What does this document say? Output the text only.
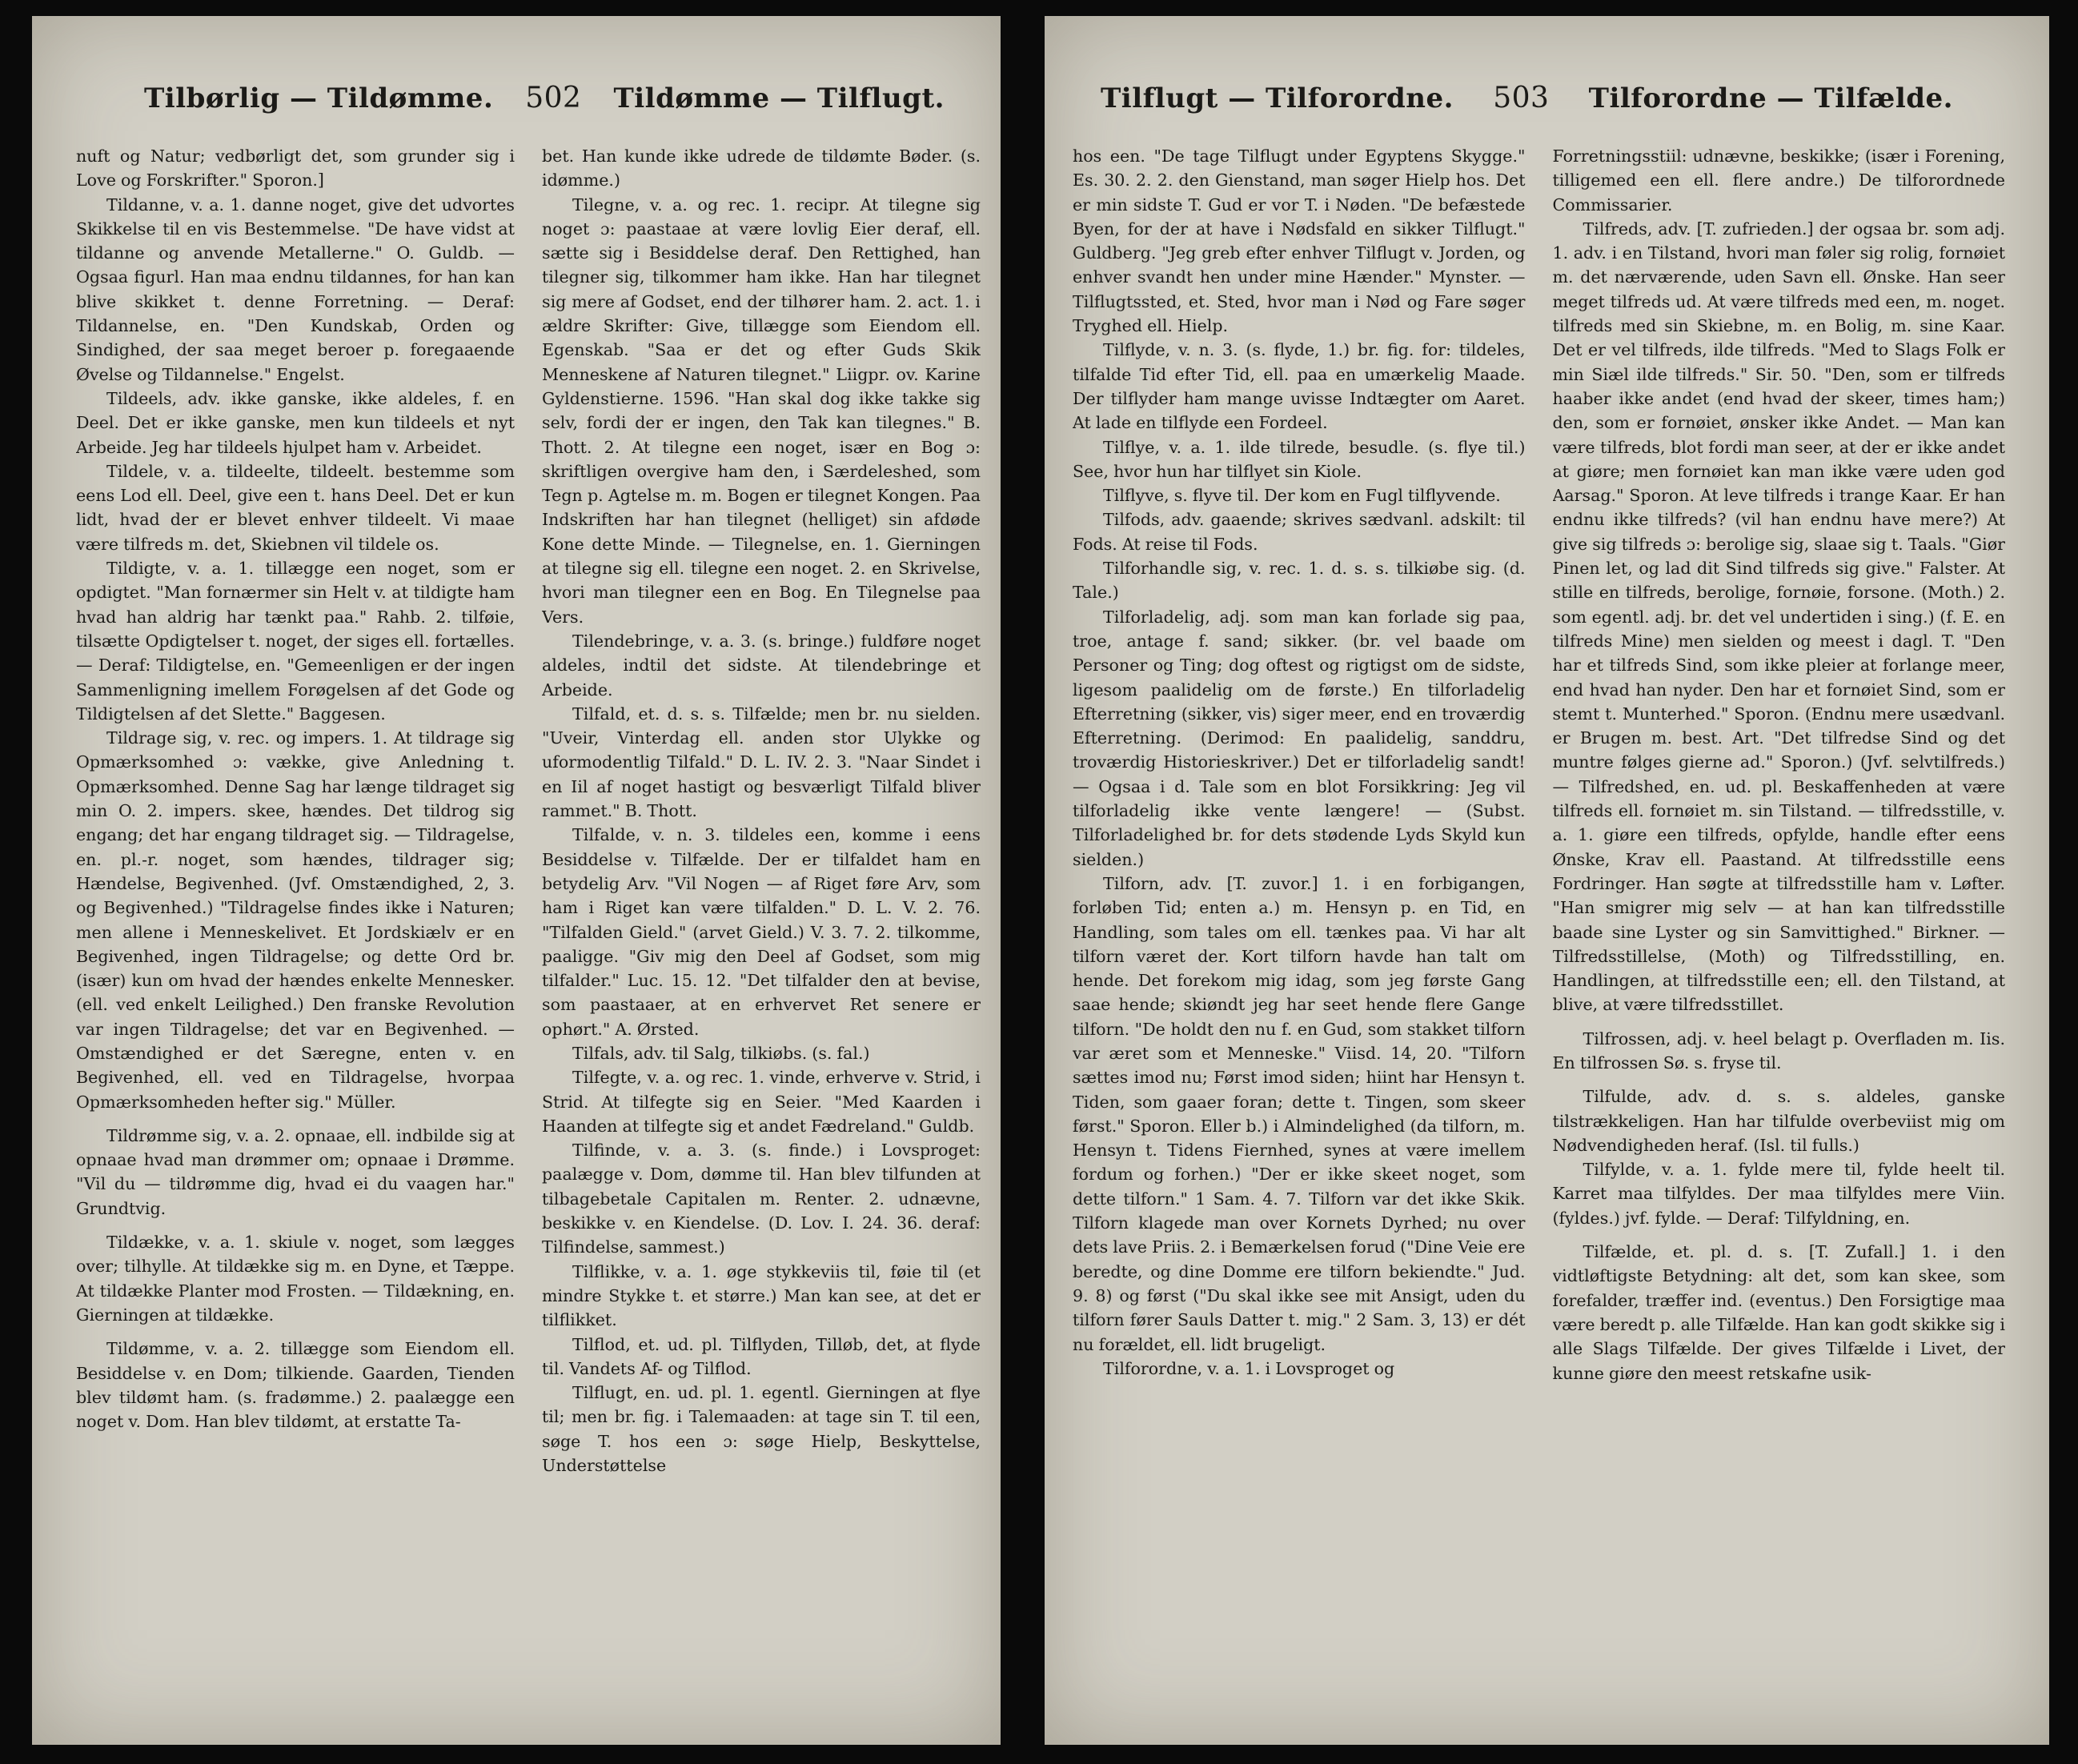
Tilbørlig — Tildømme. 502 Tildømme — Tilflugt.

nuft og Natur; vedbørligt det, som grunder sig i Love og Forskrifter." Sporon.]

Tildanne, v. a. 1. danne noget, give det udvortes Skikkelse til en vis Bestemmelse. "De have vidst at tildanne og anvende Metallerne." O. Guldb. — Ogsaa figurl. Han maa endnu tildannes, for han kan blive skikket t. denne Forretning. — Deraf: Tildannelse, en. "Den Kundskab, Orden og Sindighed, der saa meget beroer p. foregaaende Øvelse og Tildannelse." Engelst.

Tildeels, adv. ikke ganske, ikke aldeles, f. en Deel. Det er ikke ganske, men kun tildeels et nyt Arbeide. Jeg har tildeels hjulpet ham v. Arbeidet.

Tildele, v. a. tildeelte, tildeelt. bestemme som eens Lod ell. Deel, give een t. hans Deel. Det er kun lidt, hvad der er blevet enhver tildeelt. Vi maae være tilfreds m. det, Skiebnen vil tildele os.

Tildigte, v. a. 1. tillægge een noget, som er opdigtet. "Man fornærmer sin Helt v. at tildigte ham hvad han aldrig har tænkt paa." Rahb. 2. tilføie, tilsætte Opdigtelser t. noget, der siges ell. fortælles. — Deraf: Tildigtelse, en. "Gemeenligen er der ingen Sammenligning imellem Forøgelsen af det Gode og Tildigtelsen af det Slette." Baggesen.

Tildrage sig, v. rec. og impers. 1. At tildrage sig Opmærksomhed ɔ: vække, give Anledning t. Opmærksomhed. Denne Sag har længe tildraget sig min O. 2. impers. skee, hændes. Det tildrog sig engang; det har engang tildraget sig. — Tildragelse, en. pl.-r. noget, som hændes, tildrager sig; Hændelse, Begivenhed. (Jvf. Omstændighed, 2, 3. og Begivenhed.) "Tildragelse findes ikke i Naturen; men allene i Menneskelivet. Et Jordskiælv er en Begivenhed, ingen Tildragelse; og dette Ord br. (især) kun om hvad der hændes enkelte Mennesker. (ell. ved enkelt Leilighed.) Den franske Revolution var ingen Tildragelse; det var en Begivenhed. — Omstændighed er det Særegne, enten v. en Begivenhed, ell. ved en Tildragelse, hvorpaa Opmærksomheden hefter sig." Müller.

Tildrømme sig, v. a. 2. opnaae, ell. indbilde sig at opnaae hvad man drømmer om; opnaae i Drømme. "Vil du — tildrømme dig, hvad ei du vaagen har." Grundtvig.

Tildække, v. a. 1. skiule v. noget, som lægges over; tilhylle. At tildække sig m. en Dyne, et Tæppe. At tildække Planter mod Frosten. — Tildækning, en. Gierningen at tildække.

Tildømme, v. a. 2. tillægge som Eiendom ell. Besiddelse v. en Dom; tilkiende. Gaarden, Tienden blev tildømt ham. (s. fradømme.) 2. paalægge een noget v. Dom. Han blev tildømt, at erstatte Ta-

bet. Han kunde ikke udrede de tildømte Bøder. (s. idømme.)

Tilegne, v. a. og rec. 1. recipr. At tilegne sig noget ɔ: paastaae at være lovlig Eier deraf, ell. sætte sig i Besiddelse deraf. Den Rettighed, han tilegner sig, tilkommer ham ikke. Han har tilegnet sig mere af Godset, end der tilhører ham. 2. act. 1. i ældre Skrifter: Give, tillægge som Eiendom ell. Egenskab. "Saa er det og efter Guds Skik Menneskene af Naturen tilegnet." Liigpr. ov. Karine Gyldenstierne. 1596. "Han skal dog ikke takke sig selv, fordi der er ingen, den Tak kan tilegnes." B. Thott. 2. At tilegne een noget, især en Bog ɔ: skriftligen overgive ham den, i Særdeleshed, som Tegn p. Agtelse m. m. Bogen er tilegnet Kongen. Paa Indskriften har han tilegnet (helliget) sin afdøde Kone dette Minde. — Tilegnelse, en. 1. Gierningen at tilegne sig ell. tilegne een noget. 2. en Skrivelse, hvori man tilegner een en Bog. En Tilegnelse paa Vers.

Tilendebringe, v. a. 3. (s. bringe.) fuldføre noget aldeles, indtil det sidste. At tilendebringe et Arbeide.

Tilfald, et. d. s. s. Tilfælde; men br. nu sielden. "Uveir, Vinterdag ell. anden stor Ulykke og uformodentlig Tilfald." D. L. IV. 2. 3. "Naar Sindet i en Iil af noget hastigt og besværligt Tilfald bliver rammet." B. Thott.

Tilfalde, v. n. 3. tildeles een, komme i eens Besiddelse v. Tilfælde. Der er tilfaldet ham en betydelig Arv. "Vil Nogen — af Riget føre Arv, som ham i Riget kan være tilfalden." D. L. V. 2. 76. "Tilfalden Gield." (arvet Gield.) V. 3. 7. 2. tilkomme, paaligge. "Giv mig den Deel af Godset, som mig tilfalder." Luc. 15. 12. "Det tilfalder den at bevise, som paastaaer, at en erhvervet Ret senere er ophørt." A. Ørsted.

Tilfals, adv. til Salg, tilkiøbs. (s. fal.)

Tilfegte, v. a. og rec. 1. vinde, erhverve v. Strid, i Strid. At tilfegte sig en Seier. "Med Kaarden i Haanden at tilfegte sig et andet Fædreland." Guldb.

Tilfinde, v. a. 3. (s. finde.) i Lovsproget: paalægge v. Dom, dømme til. Han blev tilfunden at tilbagebetale Capitalen m. Renter. 2. udnævne, beskikke v. en Kiendelse. (D. Lov. I. 24. 36. deraf: Tilfindelse, sammest.)

Tilflikke, v. a. 1. øge stykkeviis til, føie til (et mindre Stykke t. et større.) Man kan see, at det er tilflikket.

Tilflod, et. ud. pl. Tilflyden, Tilløb, det, at flyde til. Vandets Af- og Tilflod.

Tilflugt, en. ud. pl. 1. egentl. Gierningen at flye til; men br. fig. i Talemaaden: at tage sin T. til een, søge T. hos een ɔ: søge Hielp, Beskyttelse, Understøttelse

Tilflugt — Tilforordne. 503 Tilforordne — Tilfælde.

hos een. "De tage Tilflugt under Egyptens Skygge." Es. 30. 2. 2. den Gienstand, man søger Hielp hos. Det er min sidste T. Gud er vor T. i Nøden. "De befæstede Byen, for der at have i Nødsfald en sikker Tilflugt." Guldberg. "Jeg greb efter enhver Tilflugt v. Jorden, og enhver svandt hen under mine Hænder." Mynster. — Tilflugtssted, et. Sted, hvor man i Nød og Fare søger Tryghed ell. Hielp.

Tilflyde, v. n. 3. (s. flyde, 1.) br. fig. for: tildeles, tilfalde Tid efter Tid, ell. paa en umærkelig Maade. Der tilflyder ham mange uvisse Indtægter om Aaret. At lade en tilflyde een Fordeel.

Tilflye, v. a. 1. ilde tilrede, besudle. (s. flye til.) See, hvor hun har tilflyet sin Kiole.

Tilflyve, s. flyve til. Der kom en Fugl tilflyvende.

Tilfods, adv. gaaende; skrives sædvanl. adskilt: til Fods. At reise til Fods.

Tilforhandle sig, v. rec. 1. d. s. s. tilkiøbe sig. (d. Tale.)

Tilforladelig, adj. som man kan forlade sig paa, troe, antage f. sand; sikker. (br. vel baade om Personer og Ting; dog oftest og rigtigst om de sidste, ligesom paalidelig om de første.) En tilforladelig Efterretning (sikker, vis) siger meer, end en troværdig Efterretning. (Derimod: En paalidelig, sanddru, troværdig Historieskriver.) Det er tilforladelig sandt! — Ogsaa i d. Tale som en blot Forsikkring: Jeg vil tilforladelig ikke vente længere! — (Subst. Tilforladelighed br. for dets stødende Lyds Skyld kun sielden.)

Tilforn, adv. [T. zuvor.] 1. i en forbigangen, forløben Tid; enten a.) m. Hensyn p. en Tid, en Handling, som tales om ell. tænkes paa. Vi har alt tilforn været der. Kort tilforn havde han talt om hende. Det forekom mig idag, som jeg første Gang saae hende; skiøndt jeg har seet hende flere Gange tilforn. "De holdt den nu f. en Gud, som stakket tilforn var æret som et Menneske." Viisd. 14, 20. "Tilforn sættes imod nu; Først imod siden; hiint har Hensyn t. Tiden, som gaaer foran; dette t. Tingen, som skeer først." Sporon. Eller b.) i Almindelighed (da tilforn, m. Hensyn t. Tidens Fiernhed, synes at være imellem fordum og forhen.) "Der er ikke skeet noget, som dette tilforn." 1 Sam. 4. 7. Tilforn var det ikke Skik. Tilforn klagede man over Kornets Dyrhed; nu over dets lave Priis. 2. i Bemærkelsen forud ("Dine Veie ere beredte, og dine Domme ere tilforn bekiendte." Jud. 9. 8) og først ("Du skal ikke see mit Ansigt, uden du tilforn fører Sauls Datter t. mig." 2 Sam. 3, 13) er dét nu forældet, ell. lidt brugeligt.

Tilforordne, v. a. 1. i Lovsproget og

Forretningsstiil: udnævne, beskikke; (især i Forening, tilligemed een ell. flere andre.) De tilforordnede Commissarier.

Tilfreds, adv. [T. zufrieden.] der ogsaa br. som adj. 1. adv. i en Tilstand, hvori man føler sig rolig, fornøiet m. det nærværende, uden Savn ell. Ønske. Han seer meget tilfreds ud. At være tilfreds med een, m. noget. tilfreds med sin Skiebne, m. en Bolig, m. sine Kaar. Det er vel tilfreds, ilde tilfreds. "Med to Slags Folk er min Siæl ilde tilfreds." Sir. 50. "Den, som er tilfreds haaber ikke andet (end hvad der skeer, times ham;) den, som er fornøiet, ønsker ikke Andet. — Man kan være tilfreds, blot fordi man seer, at der er ikke andet at giøre; men fornøiet kan man ikke være uden god Aarsag." Sporon. At leve tilfreds i trange Kaar. Er han endnu ikke tilfreds? (vil han endnu have mere?) At give sig tilfreds ɔ: berolige sig, slaae sig t. Taals. "Giør Pinen let, og lad dit Sind tilfreds sig give." Falster. At stille en tilfreds, berolige, fornøie, forsone. (Moth.) 2. som egentl. adj. br. det vel undertiden i sing.) (f. E. en tilfreds Mine) men sielden og meest i dagl. T. "Den har et tilfreds Sind, som ikke pleier at forlange meer, end hvad han nyder. Den har et fornøiet Sind, som er stemt t. Munterhed." Sporon. (Endnu mere usædvanl. er Brugen m. best. Art. "Det tilfredse Sind og det muntre følges gierne ad." Sporon.) (Jvf. selvtilfreds.) — Tilfredshed, en. ud. pl. Beskaffenheden at være tilfreds ell. fornøiet m. sin Tilstand. — tilfredsstille, v. a. 1. giøre een tilfreds, opfylde, handle efter eens Ønske, Krav ell. Paastand. At tilfredsstille eens Fordringer. Han søgte at tilfredsstille ham v. Løfter. "Han smigrer mig selv — at han kan tilfredsstille baade sine Lyster og sin Samvittighed." Birkner. — Tilfredsstillelse, (Moth) og Tilfredsstilling, en. Handlingen, at tilfredsstille een; ell. den Tilstand, at blive, at være tilfredsstillet.

Tilfrossen, adj. v. heel belagt p. Overfladen m. Iis. En tilfrossen Sø. s. fryse til.

Tilfulde, adv. d. s. s. aldeles, ganske tilstrækkeligen. Han har tilfulde overbeviist mig om Nødvendigheden heraf. (Isl. til fulls.)

Tilfylde, v. a. 1. fylde mere til, fylde heelt til. Karret maa tilfyldes. Der maa tilfyldes mere Viin. (fyldes.) jvf. fylde. — Deraf: Tilfyldning, en.

Tilfælde, et. pl. d. s. [T. Zufall.] 1. i den vidtløftigste Betydning: alt det, som kan skee, som forefalder, træffer ind. (eventus.) Den Forsigtige maa være beredt p. alle Tilfælde. Han kan godt skikke sig i alle Slags Tilfælde. Der gives Tilfælde i Livet, der kunne giøre den meest retskafne usik-
